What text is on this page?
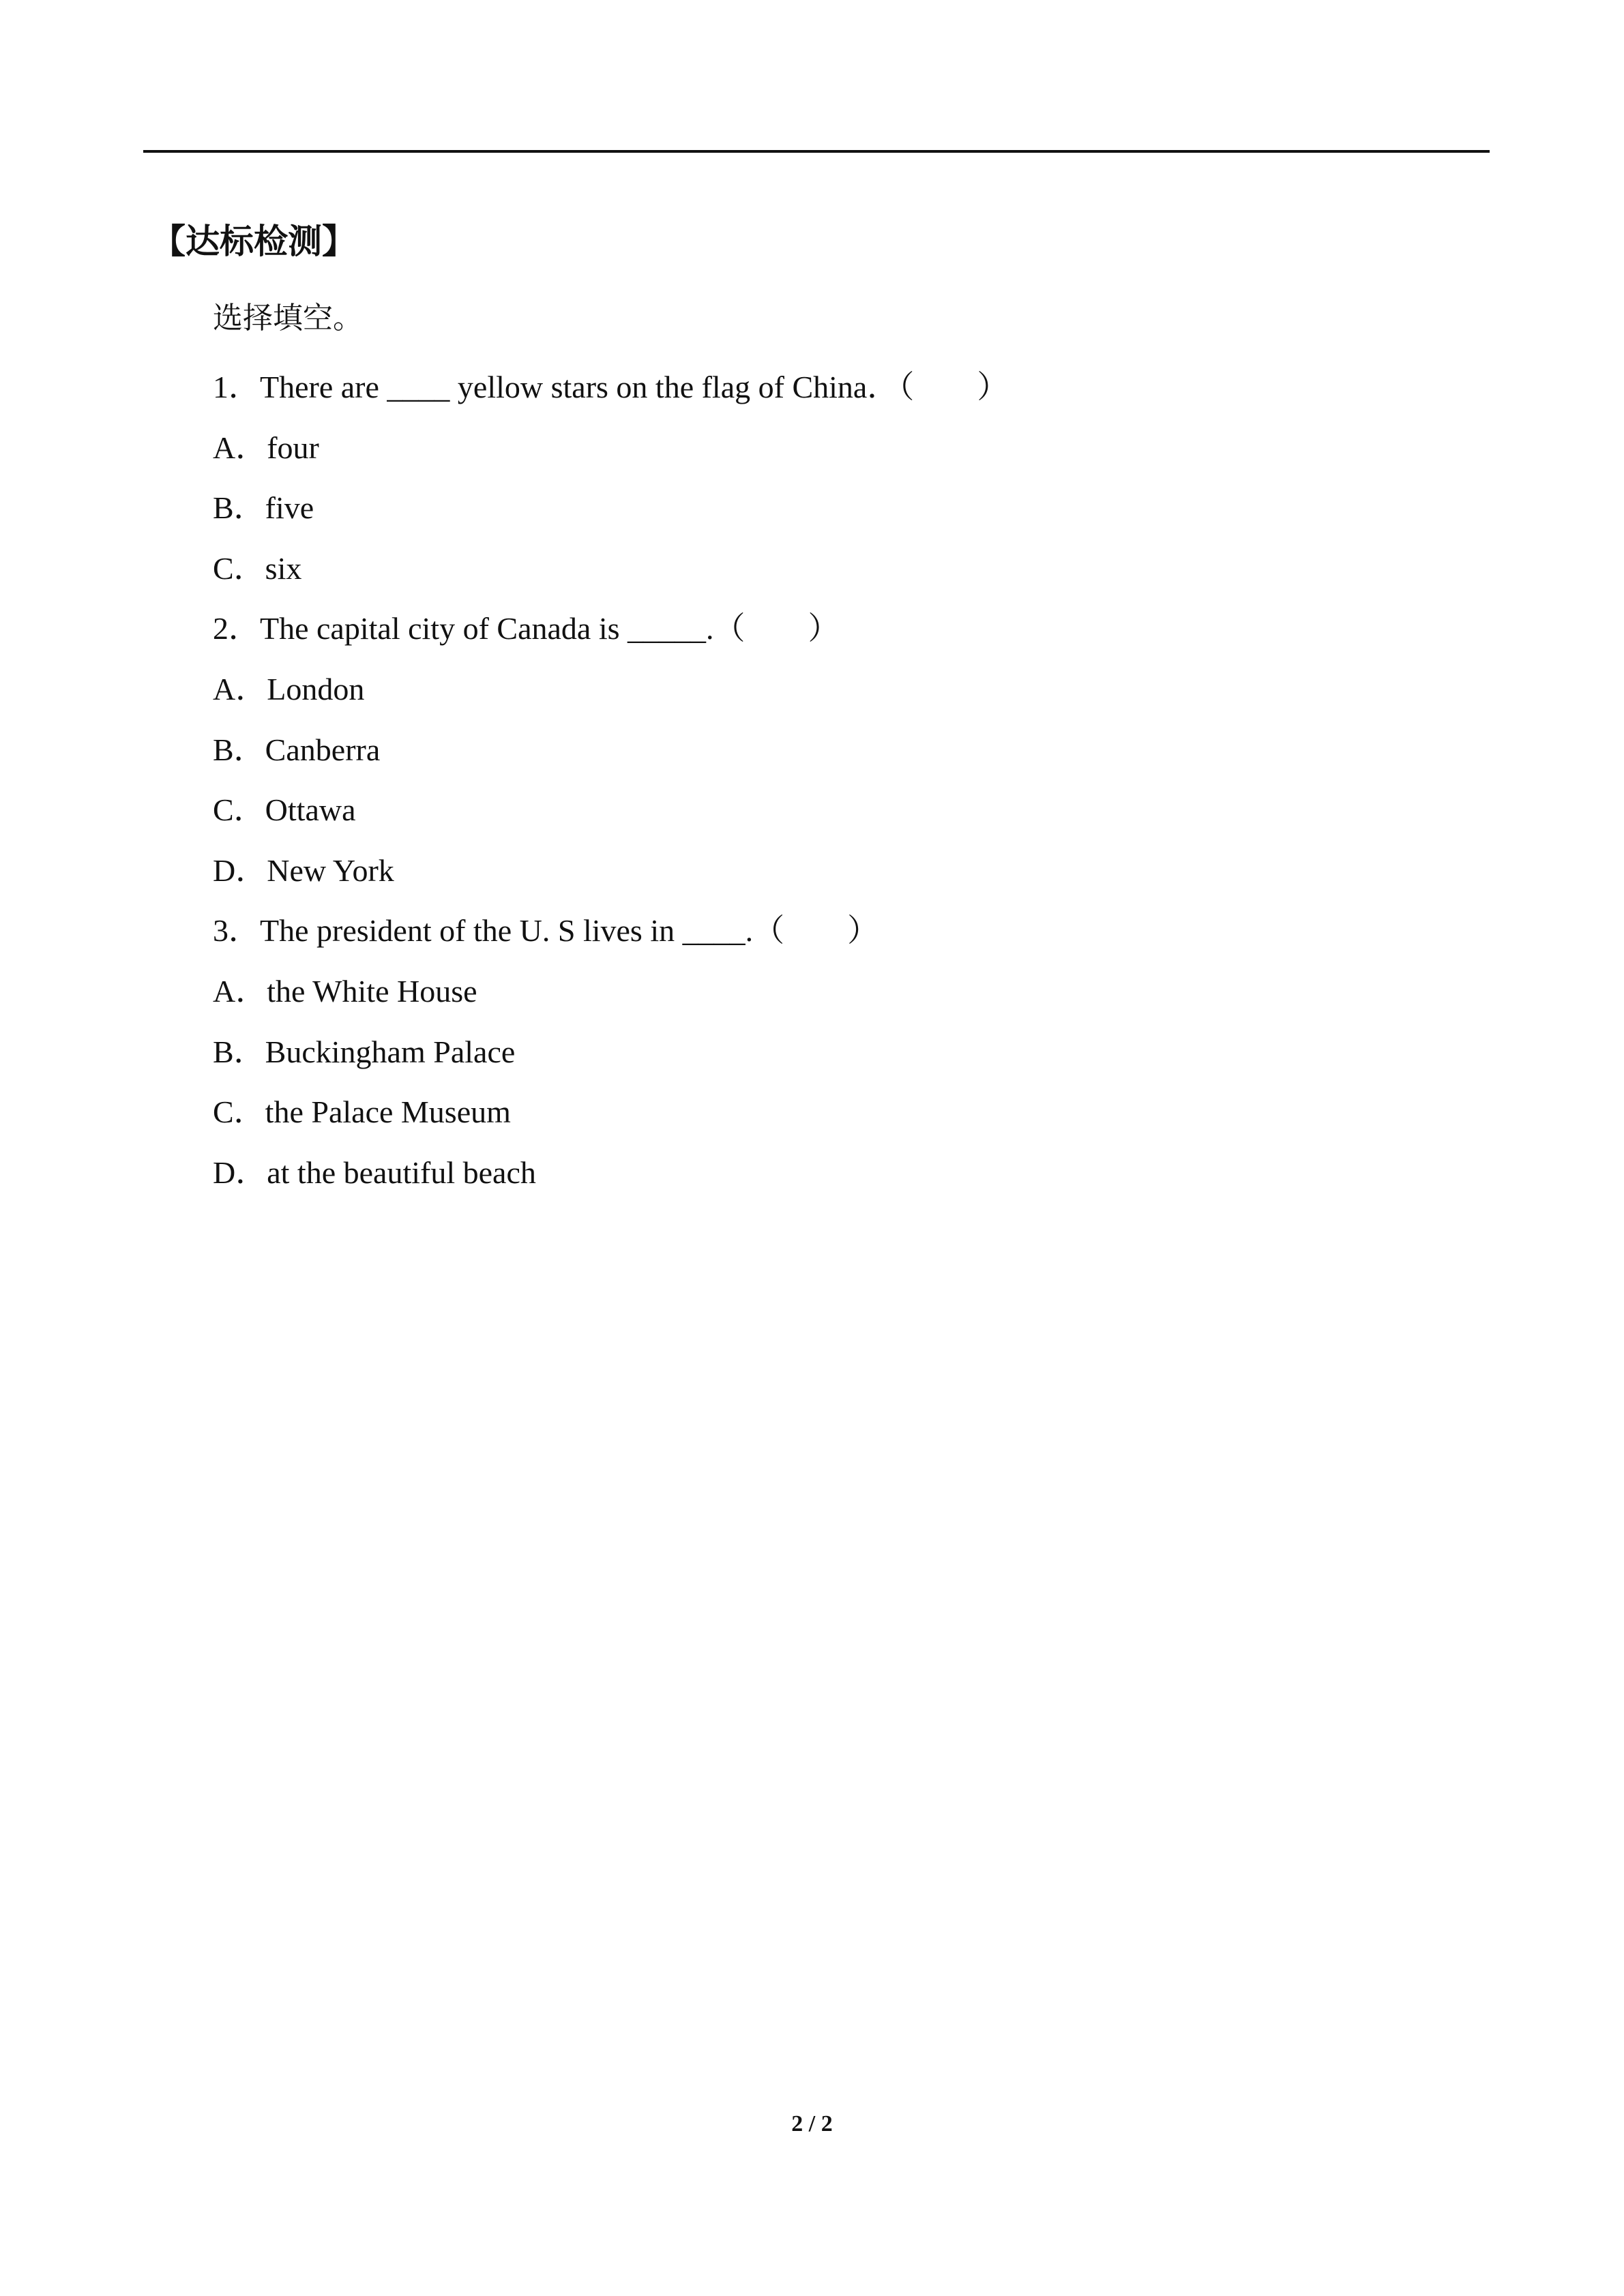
【达标检测】
选择填空。
1．There are ____ yellow stars on the flag of China．（　　）
A．four
B．five
C．six
2．The capital city of Canada is _____.（　　）
A．London
B．Canberra
C．Ottawa
D．New York
3．The president of the U. S lives in ____.（　　）
A．the White House
B．Buckingham Palace
C．the Palace Museum
D．at the beautiful beach
2 / 2
